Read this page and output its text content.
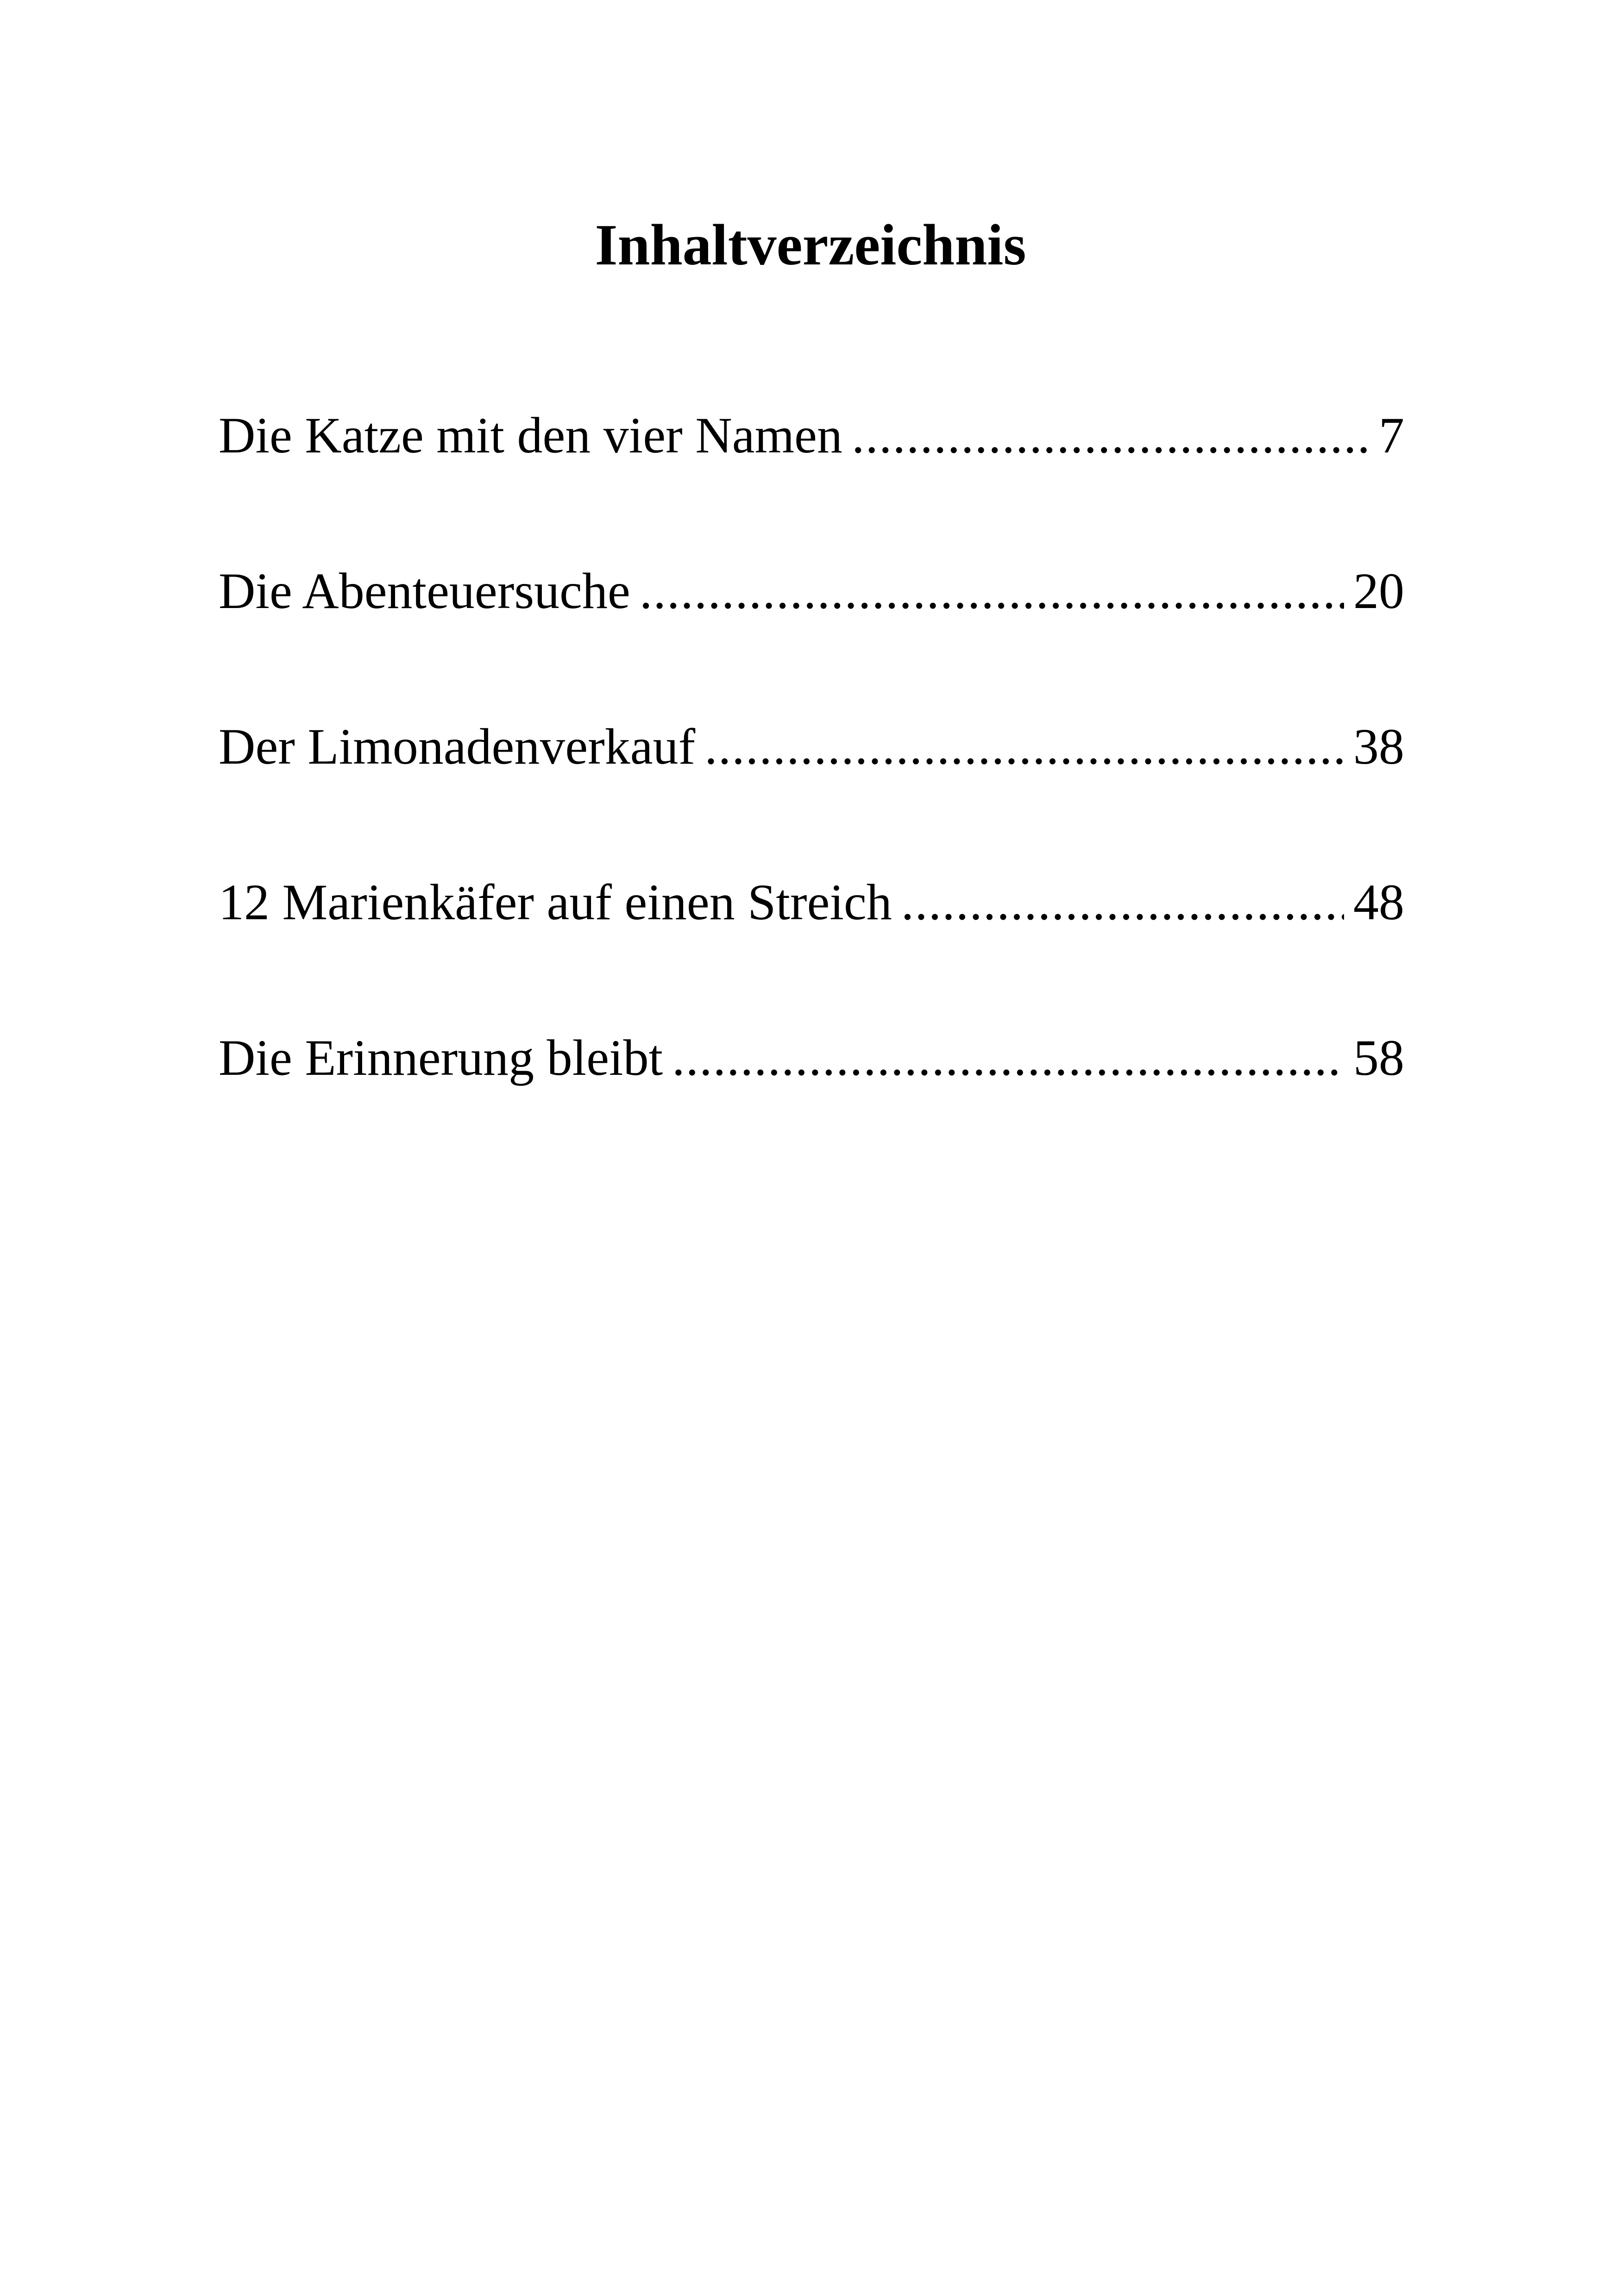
Inhaltverzeichnis
Die Katze mit den vier Namen .....	7
Die Abenteuersuche .....	20
Der Limonadenverkauf .....	38
12 Marienkäfer auf einen Streich .....	48
Die Erinnerung bleibt .....	58
